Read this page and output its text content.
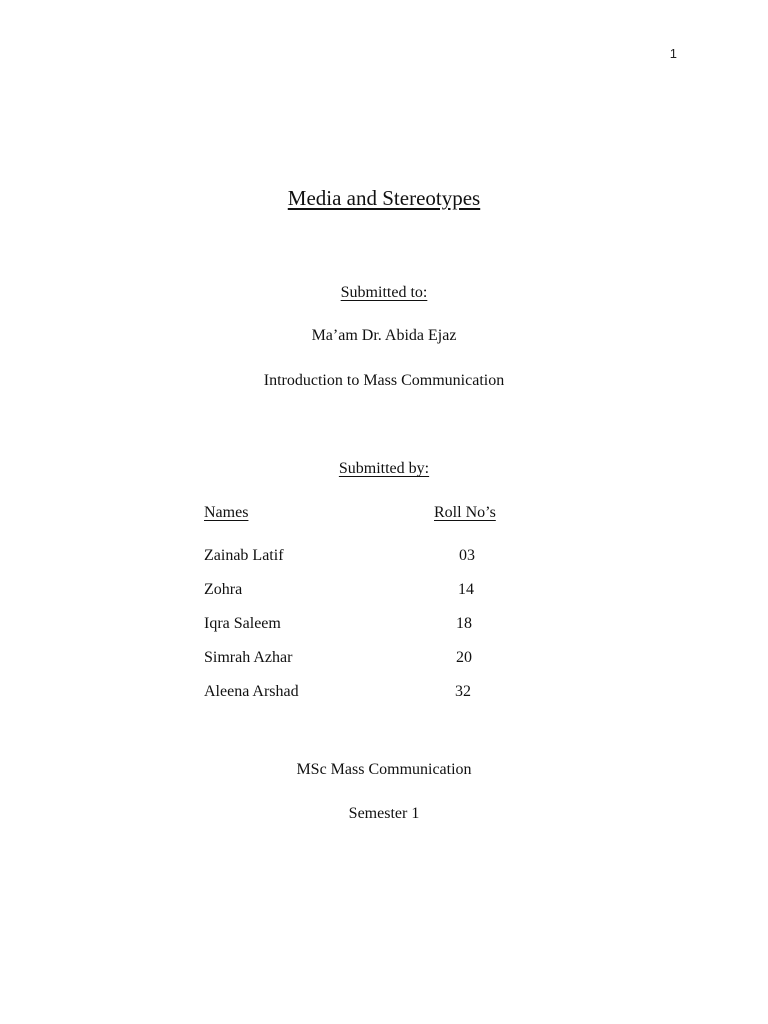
1
Media and Stereotypes
Submitted to:
Ma’am Dr. Abida Ejaz
Introduction to Mass Communication
Submitted by:
Names	Roll No’s
Zainab Latif	03
Zohra	14
Iqra Saleem	18
Simrah Azhar	20
Aleena Arshad	32
MSc Mass Communication
Semester 1
